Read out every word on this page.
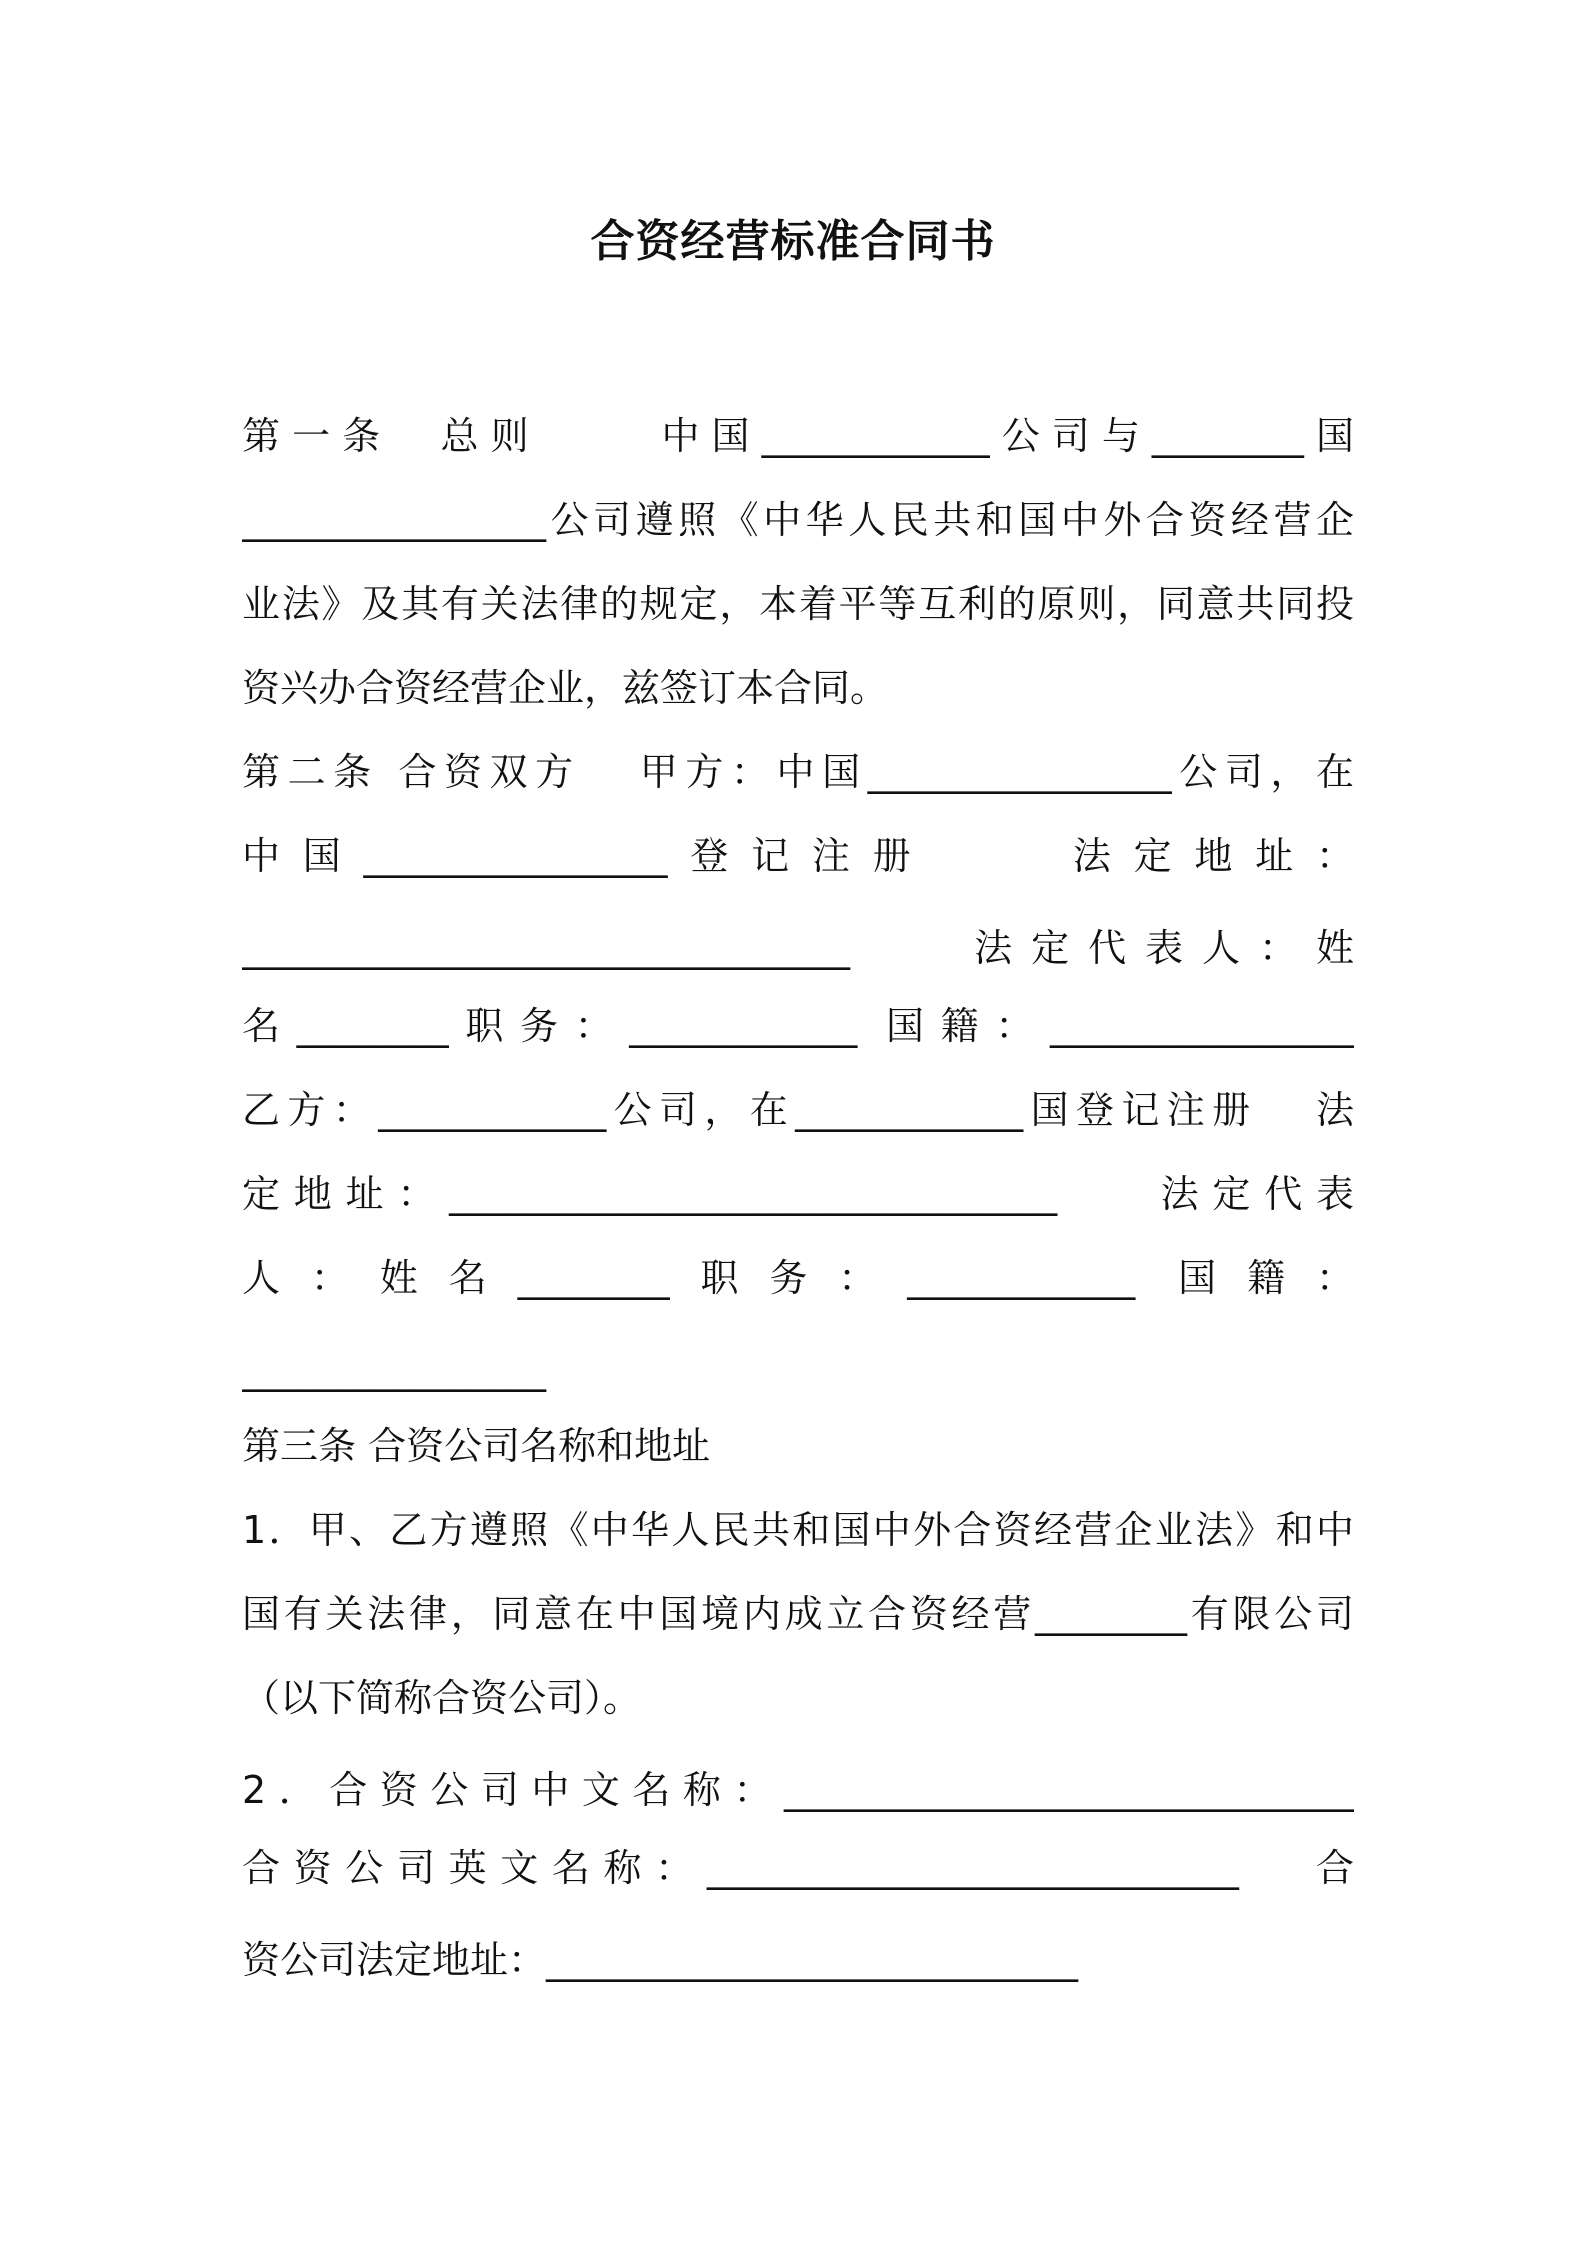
合资经营标准合同书
第一条  总则     中国____________公司与________国
________________公司遵照《中华人民共和国中外合资经营企
业法》及其有关法律的规定，本着平等互利的原则，同意共同投
资兴办合资经营企业，兹签订本合同。
第二条 合资双方   甲方：中国________________公司，在
中国________________登记注册    法定地址：
________________________________    法定代表人：姓
名________职务：____________ 国籍：________________
乙方：____________公司，在____________国登记注册   法
定地址：________________________________    法定代表
人：姓名________职务：____________ 国籍：
________________
第三条 合资公司名称和地址
1．甲、乙方遵照《中华人民共和国中外合资经营企业法》和中
国有关法律，同意在中国境内成立合资经营________有限公司
（以下简称合资公司）。
2．合资公司中文名称：______________________________
合资公司英文名称：____________________________   合
资公司法定地址：____________________________
